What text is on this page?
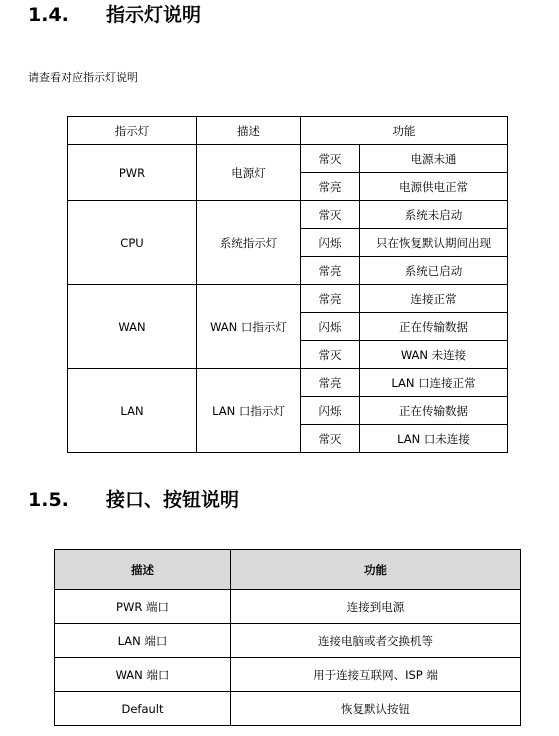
1.4. 指示灯说明
请查看对应指示灯说明
指示灯	描述	功能	
PWR	电源灯	常灭	电源未通
		常亮	电源供电正常
CPU	系统指示灯	常灭	系统未启动
		闪烁	只在恢复默认期间出现
		常亮	系统已启动
WAN	WAN 口指示灯	常亮	连接正常
		闪烁	正在传输数据
		常灭	WAN 未连接
LAN	LAN 口指示灯	常亮	LAN 口连接正常
		闪烁	正在传输数据
		常灭	LAN 口未连接
1.5. 接口、按钮说明
描述	功能
PWR 端口	连接到电源
LAN 端口	连接电脑或者交换机等
WAN 端口	用于连接互联网、ISP 端
Default	恢复默认按钮
